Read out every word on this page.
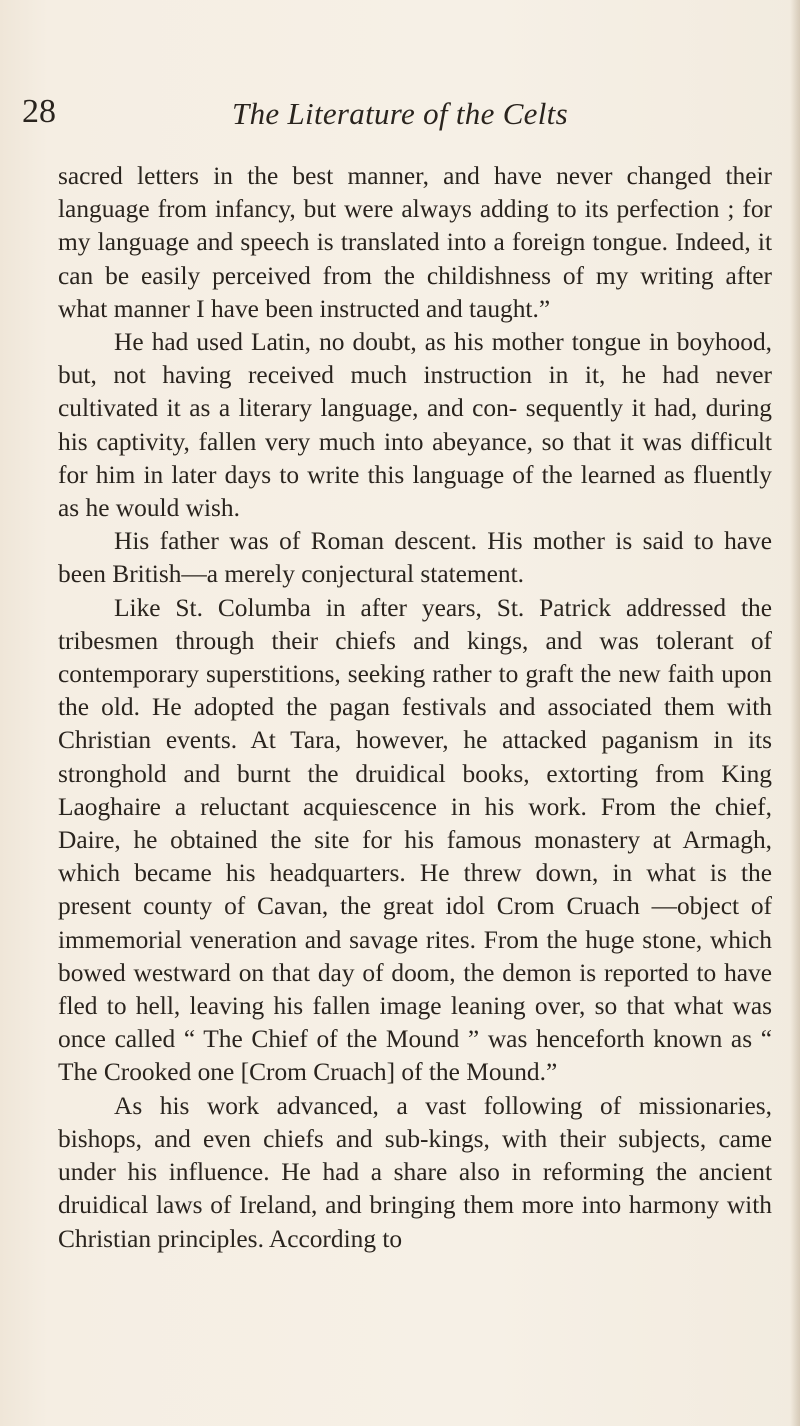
28	The Literature of the Celts

sacred letters in the best manner, and have never changed their language from infancy, but were always adding to its perfection ; for my language and speech is translated into a foreign tongue. Indeed, it can be easily perceived from the childishness of my writing after what manner I have been instructed and taught.”

He had used Latin, no doubt, as his mother tongue in boyhood, but, not having received much instruction in it, he had never cultivated it as a literary language, and con- sequently it had, during his captivity, fallen very much into abeyance, so that it was difficult for him in later days to write this language of the learned as fluently as he would wish.

His father was of Roman descent. His mother is said to have been British—a merely conjectural statement.

Like St. Columba in after years, St. Patrick addressed the tribesmen through their chiefs and kings, and was tolerant of contemporary superstitions, seeking rather to graft the new faith upon the old. He adopted the pagan festivals and associated them with Christian events. At Tara, however, he attacked paganism in its stronghold and burnt the druidical books, extorting from King Laoghaire a reluctant acquiescence in his work. From the chief, Daire, he obtained the site for his famous monastery at Armagh, which became his headquarters. He threw down, in what is the present county of Cavan, the great idol Crom Cruach —object of immemorial veneration and savage rites. From the huge stone, which bowed westward on that day of doom, the demon is reported to have fled to hell, leaving his fallen image leaning over, so that what was once called “ The Chief of the Mound ” was henceforth known as “ The Crooked one [Crom Cruach] of the Mound.”

As his work advanced, a vast following of missionaries, bishops, and even chiefs and sub-kings, with their subjects, came under his influence. He had a share also in reforming the ancient druidical laws of Ireland, and bringing them more into harmony with Christian principles. According to
